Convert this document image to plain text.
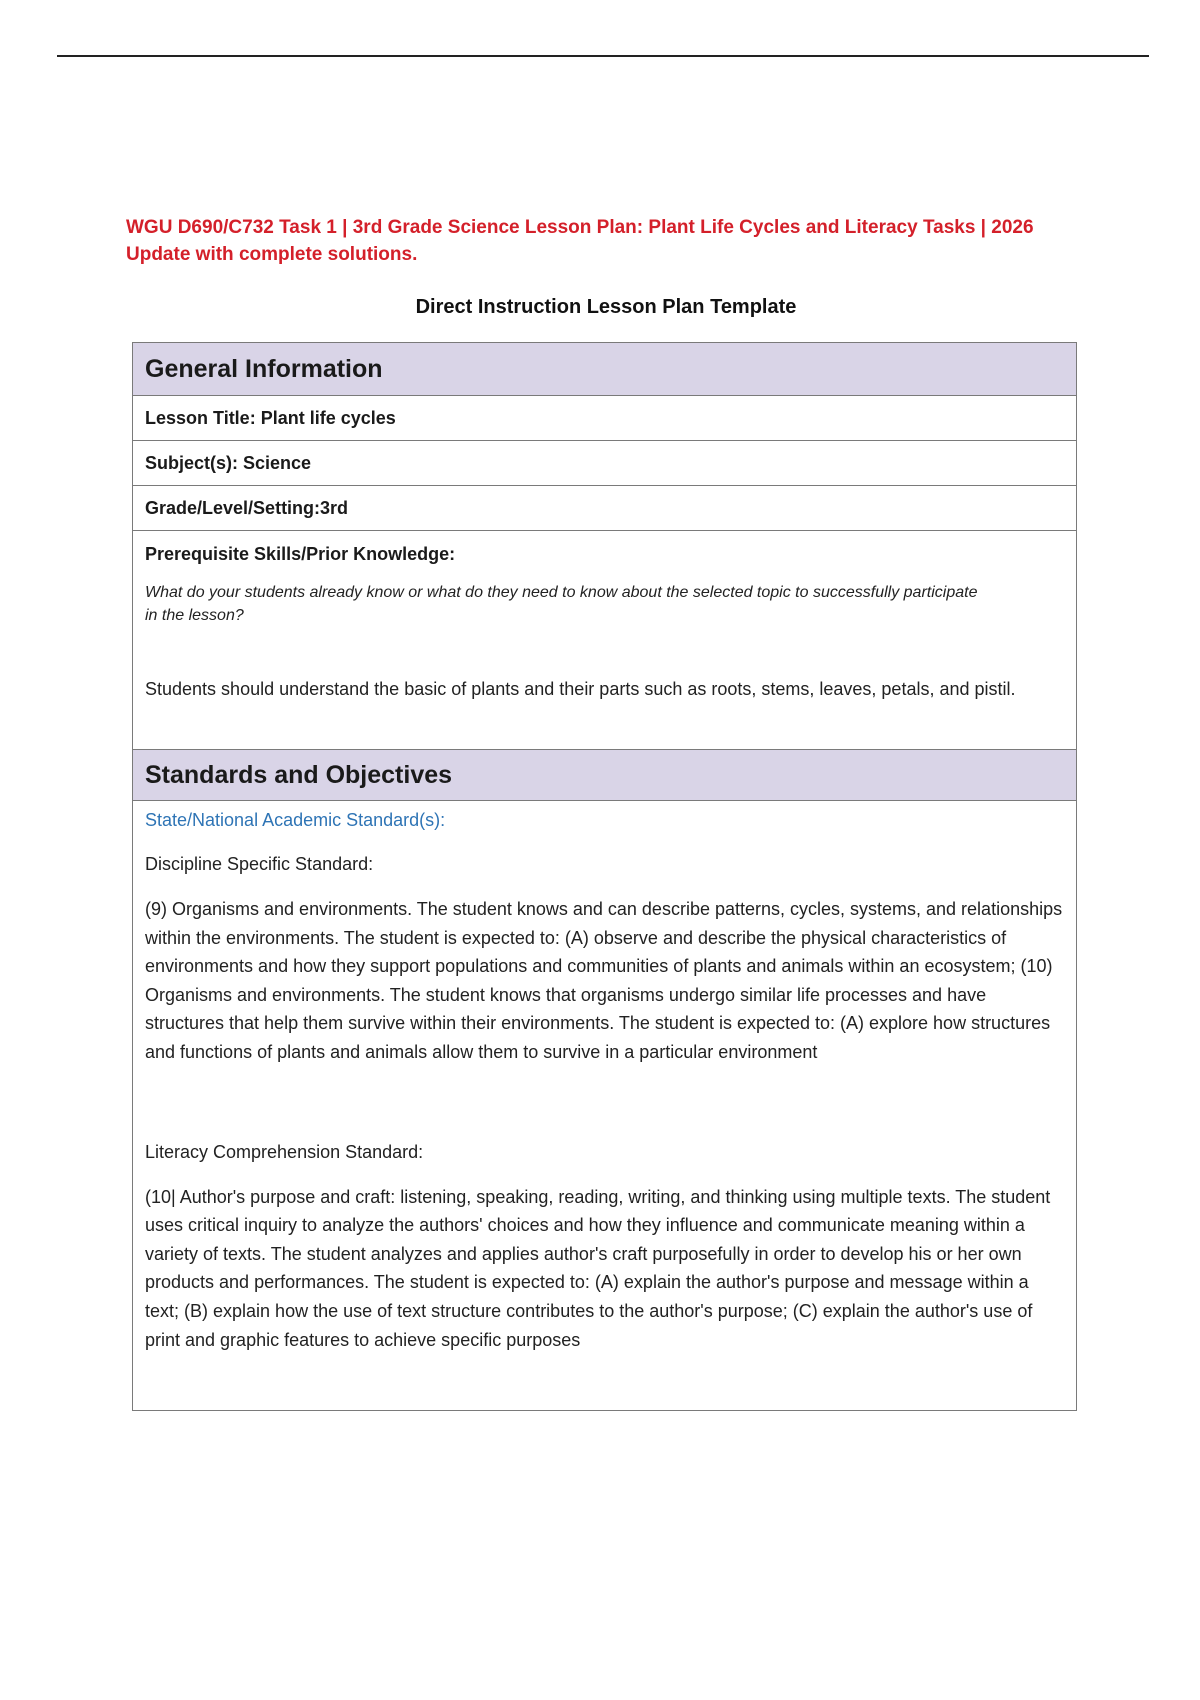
WGU D690/C732 Task 1 | 3rd Grade Science Lesson Plan: Plant Life Cycles and Literacy Tasks | 2026 Update with complete solutions.
Direct Instruction Lesson Plan Template
General Information
Lesson Title: Plant life cycles
Subject(s): Science
Grade/Level/Setting:3rd
Prerequisite Skills/Prior Knowledge:
What do your students already know or what do they need to know about the selected topic to successfully participate in the lesson?
Students should understand the basic of plants and their parts such as roots, stems, leaves, petals, and pistil.
Standards and Objectives
State/National Academic Standard(s):
Discipline Specific Standard:
(9) Organisms and environments. The student knows and can describe patterns, cycles, systems, and relationships within the environments. The student is expected to: (A) observe and describe the physical characteristics of environments and how they support populations and communities of plants and animals within an ecosystem; (10) Organisms and environments. The student knows that organisms undergo similar life processes and have structures that help them survive within their environments. The student is expected to: (A) explore how structures and functions of plants and animals allow them to survive in a particular environment
Literacy Comprehension Standard:
(10| Author's purpose and craft: listening, speaking, reading, writing, and thinking using multiple texts. The student uses critical inquiry to analyze the authors' choices and how they influence and communicate meaning within a variety of texts. The student analyzes and applies author's craft purposefully in order to develop his or her own products and performances. The student is expected to: (A) explain the author's purpose and message within a text; (B) explain how the use of text structure contributes to the author's purpose; (C) explain the author's use of print and graphic features to achieve specific purposes
